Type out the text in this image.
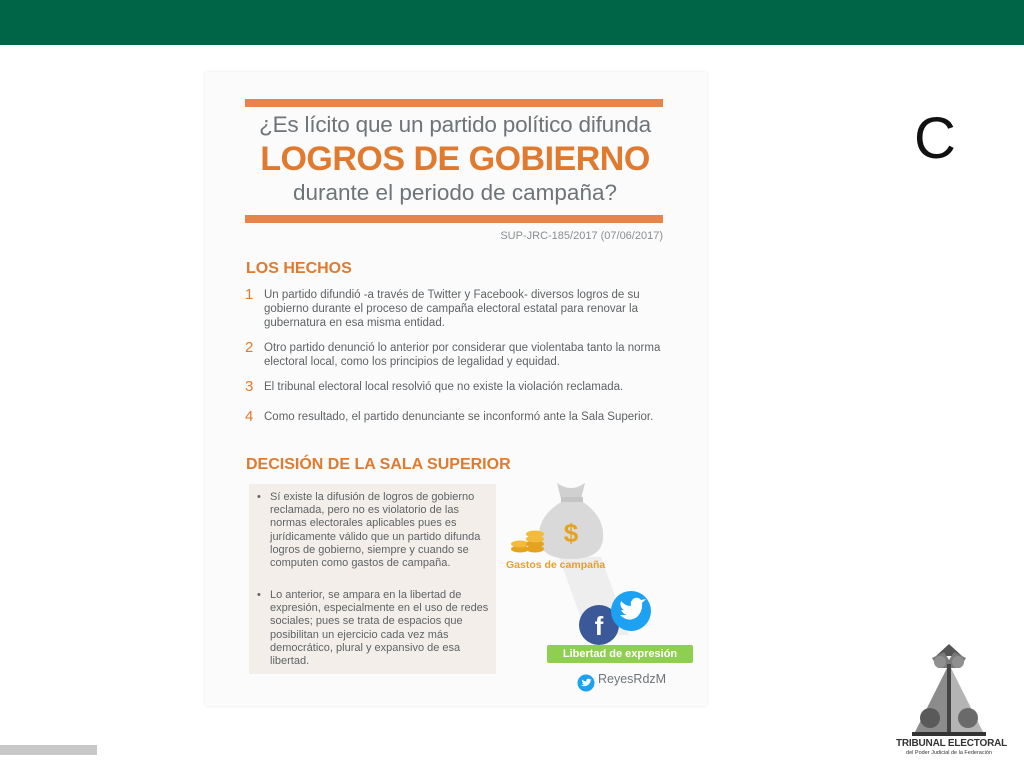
¿Es lícito que un partido político difunda
LOGROS DE GOBIERNO
durante el periodo de campaña?
SUP-JRC-185/2017 (07/06/2017)
LOS HECHOS
1 Un partido difundió -a través de Twitter y Facebook- diversos logros de su gobierno durante el proceso de campaña electoral estatal para renovar la gubernatura en esa misma entidad.
2 Otro partido denunció lo anterior por considerar que violentaba tanto la norma electoral local, como los principios de legalidad y equidad.
3 El tribunal electoral local resolvió que no existe la violación reclamada.
4 Como resultado, el partido denunciante se inconformó ante la Sala Superior.
DECISIÓN DE LA SALA SUPERIOR
• Sí existe la difusión de logros de gobierno reclamada, pero no es violatorio de las normas electorales aplicables pues es jurídicamente válido que un partido difunda logros de gobierno, siempre y cuando se computen como gastos de campaña.
• Lo anterior, se ampara en la libertad de expresión, especialmente en el uso de redes sociales; pues se trata de espacios que posibilitan un ejercicio cada vez más democrático, plural y expansivo de esa libertad.
$
f
Gastos de campaña
Libertad de expresión
ReyesRdzM
C
TRIBUNAL ELECTORAL
del Poder Judicial de la Federación
